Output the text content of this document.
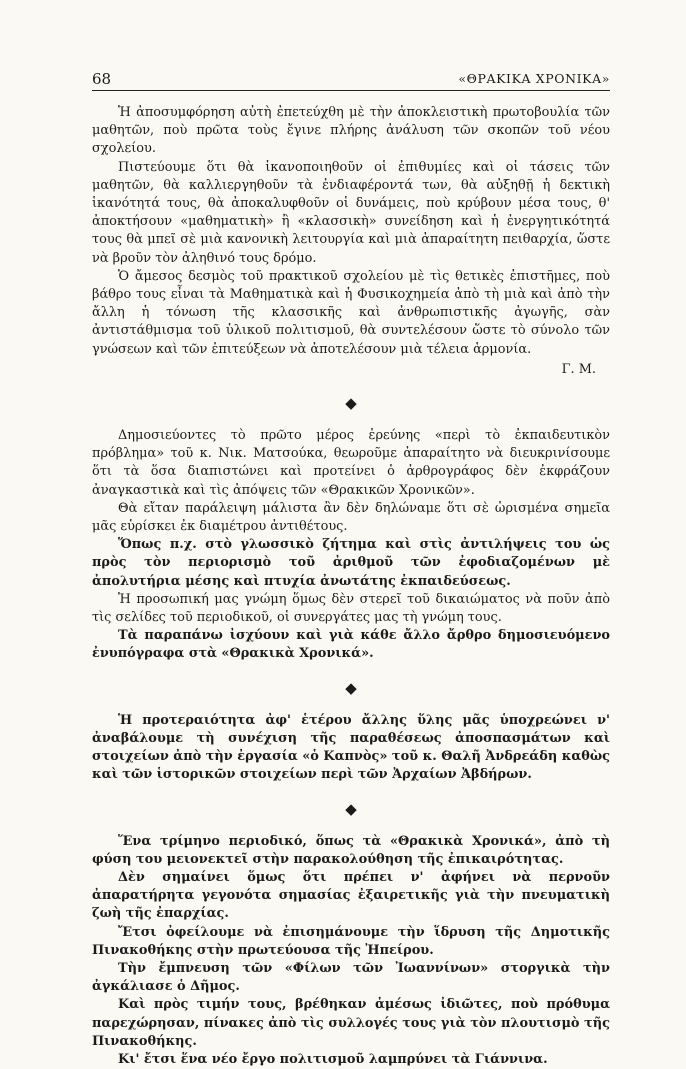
68	«ΘΡΑΚΙΚΑ ΧΡΟΝΙΚΑ»

Ἡ ἀποσυμφόρηση αὐτὴ ἐπετεύχθη μὲ τὴν ἀποκλειστικὴ πρωτοβουλία τῶν μαθητῶν, ποὺ πρῶτα τοὺς ἔγινε πλήρης ἀνάλυση τῶν σκοπῶν τοῦ νέου σχολείου.

Πιστεύουμε ὅτι θὰ ἱκανοποιηθοῦν οἱ ἐπιθυμίες καὶ οἱ τάσεις τῶν μαθητῶν, θὰ καλλιεργηθοῦν τὰ ἐνδιαφέροντά των, θὰ αὐξηθῇ ἡ δεκτικὴ ἱκανότητά τους, θὰ ἀποκαλυφθοῦν οἱ δυνάμεις, ποὺ κρύβουν μέσα τους, θ' ἀποκτήσουν «μαθηματικὴ» ἢ «κλασσικὴ» συνείδηση καὶ ἡ ἐνεργητικότητά τους θὰ μπεῖ σὲ μιὰ κανονικὴ λειτουργία καὶ μιὰ ἀπαραίτητη πειθαρχία, ὥστε νὰ βροῦν τὸν ἀληθινό τους δρόμο.

Ὁ ἄμεσος δεσμὸς τοῦ πρακτικοῦ σχολείου μὲ τὶς θετικὲς ἐπιστῆμες, ποὺ βάθρο τους εἶναι τὰ Μαθηματικὰ καὶ ἡ Φυσικοχημεία ἀπὸ τὴ μιὰ καὶ ἀπὸ τὴν ἄλλη ἡ τόνωση τῆς κλασσικῆς καὶ ἀνθρωπιστικῆς ἀγωγῆς, σὰν ἀντιστάθμισμα τοῦ ὑλικοῦ πολιτισμοῦ, θὰ συντελέσουν ὥστε τὸ σύνολο τῶν γνώσεων καὶ τῶν ἐπιτεύξεων νὰ ἀποτελέσουν μιὰ τέλεια ἁρμονία.

Γ. Μ.
◆

Δημοσιεύοντες τὸ πρῶτο μέρος ἐρεύνης «περὶ τὸ ἐκπαιδευτικὸν πρόβλημα» τοῦ κ. Νικ. Ματσούκα, θεωροῦμε ἀπαραίτητο νὰ διευκρινίσουμε ὅτι τὰ ὅσα διαπιστώνει καὶ προτείνει ὁ ἀρθρογράφος δὲν ἐκφράζουν ἀναγκαστικὰ καὶ τὶς ἀπόψεις τῶν «Θρακικῶν Χρονικῶν».

Θὰ εἴταν παράλειψη μάλιστα ἂν δὲν δηλώναμε ὅτι σὲ ὡρισμένα σημεῖα μᾶς εὑρίσκει ἐκ διαμέτρου ἀντιθέτους.

Ὅπως π.χ. στὸ γλωσσικὸ ζήτημα καὶ στὶς ἀντιλήψεις του ὡς πρὸς τὸν περιορισμὸ τοῦ ἀριθμοῦ τῶν ἐφοδιαζομένων μὲ ἀπολυτήρια μέσης καὶ πτυχία ἀνωτάτης ἐκπαιδεύσεως.

Ἡ προσωπική μας γνώμη ὅμως δὲν στερεῖ τοῦ δικαιώματος νὰ ποῦν ἀπὸ τὶς σελίδες τοῦ περιοδικοῦ, οἱ συνεργάτες μας τὴ γνώμη τους.

Τὰ παραπάνω ἰσχύουν καὶ γιὰ κάθε ἄλλο ἄρθρο δημοσιευόμενο ἐνυπόγραφα στὰ «Θρακικὰ Χρονικά».

◆

Ἡ προτεραιότητα ἀφ' ἑτέρου ἄλλης ὕλης μᾶς ὑποχρεώνει ν' ἀναβάλουμε τὴ συνέχιση τῆς παραθέσεως ἀποσπασμάτων καὶ στοιχείων ἀπὸ τὴν ἐργασία «ὁ Καπνὸς» τοῦ κ. Θαλῆ Ἀνδρεάδη καθὼς καὶ τῶν ἱστορικῶν στοιχείων περὶ τῶν Ἀρχαίων Ἀβδήρων.

◆

Ἕνα τρίμηνο περιοδικό, ὅπως τὰ «Θρακικὰ Χρονικά», ἀπὸ τὴ φύση του μειονεκτεῖ στὴν παρακολούθηση τῆς ἐπικαιρότητας.

Δὲν σημαίνει ὅμως ὅτι πρέπει ν' ἀφήνει νὰ περνοῦν ἀπαρατήρητα γεγονότα σημασίας ἐξαιρετικῆς γιὰ τὴν πνευματικὴ ζωὴ τῆς ἐπαρχίας.

Ἔτσι ὀφείλουμε νὰ ἐπισημάνουμε τὴν ἵδρυση τῆς Δημοτικῆς Πινακοθήκης στὴν πρωτεύουσα τῆς Ἠπείρου.

Τὴν ἔμπνευση τῶν «Φίλων τῶν Ἰωαννίνων» στοργικὰ τὴν ἀγκάλιασε ὁ Δῆμος.

Καὶ πρὸς τιμήν τους, βρέθηκαν ἀμέσως ἰδιῶτες, ποὺ πρόθυμα παρεχώρησαν, πίνακες ἀπὸ τὶς συλλογές τους γιὰ τὸν πλουτισμὸ τῆς Πινακοθήκης.

Κι' ἔτσι ἕνα νέο ἔργο πολιτισμοῦ λαμπρύνει τὰ Γιάννινα.
